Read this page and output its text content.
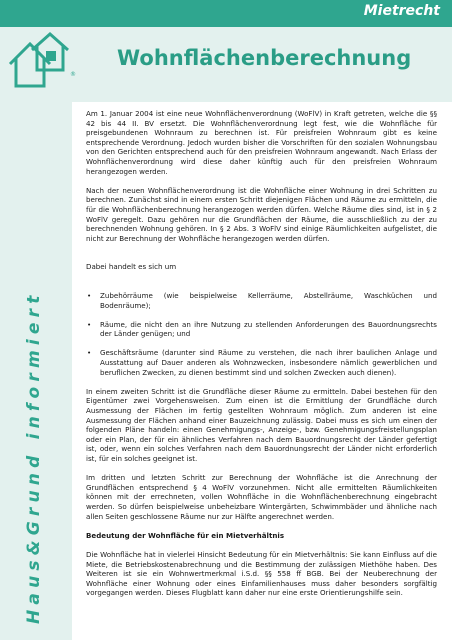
Mietrecht
®
Wohnflächenberechnung
Haus&Grund informiert

Am 1. Januar 2004 ist eine neue Wohnflächenverordnung (WoFlV) in Kraft getreten, welche die §§ 42 bis 44 II. BV ersetzt. Die Wohnflächenverordnung legt fest, wie die Wohnfläche für preisgebundenen Wohnraum zu berechnen ist. Für preisfreien Wohnraum gibt es keine entsprechende Verordnung. Jedoch wurden bisher die Vorschriften für den sozialen Wohnungsbau von den Gerichten entsprechend auch für den preisfreien Wohnraum angewandt. Nach Erlass der Wohnflächenverordnung wird diese daher künftig auch für den preisfreien Wohnraum herangezogen werden.

Nach der neuen Wohnflächenverordnung ist die Wohnfläche einer Wohnung in drei Schritten zu berechnen. Zunächst sind in einem ersten Schritt diejenigen Flächen und Räume zu ermitteln, die für die Wohnflächenberechnung herangezogen werden dürfen. Welche Räume dies sind, ist in § 2 WoFlV geregelt. Dazu gehören nur die Grundflächen der Räume, die ausschließlich zu der zu berechnenden Wohnung gehören. In § 2 Abs. 3 WoFlV sind einige Räumlichkeiten aufgelistet, die nicht zur Berechnung der Wohnfläche herangezogen werden dürfen.

Dabei handelt es sich um

• Zubehörräume (wie beispielweise Kellerräume, Abstellräume, Waschküchen und Bodenräume);
• Räume, die nicht den an ihre Nutzung zu stellenden Anforderungen des Bauordnungsrechts der Länder genügen; und
• Geschäftsräume (darunter sind Räume zu verstehen, die nach ihrer baulichen Anlage und Ausstattung auf Dauer anderen als Wohnzwecken, insbesondere nämlich gewerblichen und beruflichen Zwecken, zu dienen bestimmt sind und solchen Zwecken auch dienen).

In einem zweiten Schritt ist die Grundfläche dieser Räume zu ermitteln. Dabei bestehen für den Eigentümer zwei Vorgehensweisen. Zum einen ist die Ermittlung der Grundfläche durch Ausmessung der Flächen im fertig gestellten Wohnraum möglich. Zum anderen ist eine Ausmessung der Flächen anhand einer Bauzeichnung zulässig. Dabei muss es sich um einen der folgenden Pläne handeln: einen Genehmigungs-, Anzeige-, bzw. Genehmigungsfreistellungsplan oder ein Plan, der für ein ähnliches Verfahren nach dem Bauordnungsrecht der Länder gefertigt ist, oder, wenn ein solches Verfahren nach dem Bauordnungsrecht der Länder nicht erforderlich ist, für ein solches geeignet ist.

Im dritten und letzten Schritt zur Berechnung der Wohnfläche ist die Anrechnung der Grundflächen entsprechend § 4 WoFlV vorzunehmen. Nicht alle ermittelten Räumlichkeiten können mit der errechneten, vollen Wohnfläche in die Wohnflächenberechnung eingebracht werden. So dürfen beispielweise unbeheizbare Wintergärten, Schwimmbäder und ähnliche nach allen Seiten geschlossene Räume nur zur Hälfte angerechnet werden.

Bedeutung der Wohnfläche für ein Mietverhältnis

Die Wohnfläche hat in vielerlei Hinsicht Bedeutung für ein Mietverhältnis: Sie kann Einfluss auf die Miete, die Betriebskostenabrechnung und die Bestimmung der zulässigen Miethöhe haben. Des Weiteren ist sie ein Wohnwertmerkmal i.S.d. §§ 558 ff BGB. Bei der Neuberechnung der Wohnfläche einer Wohnung oder eines Einfamilienhauses muss daher besonders sorgfältig vorgegangen werden. Dieses Flugblatt kann daher nur eine erste Orientierungshilfe sein.
